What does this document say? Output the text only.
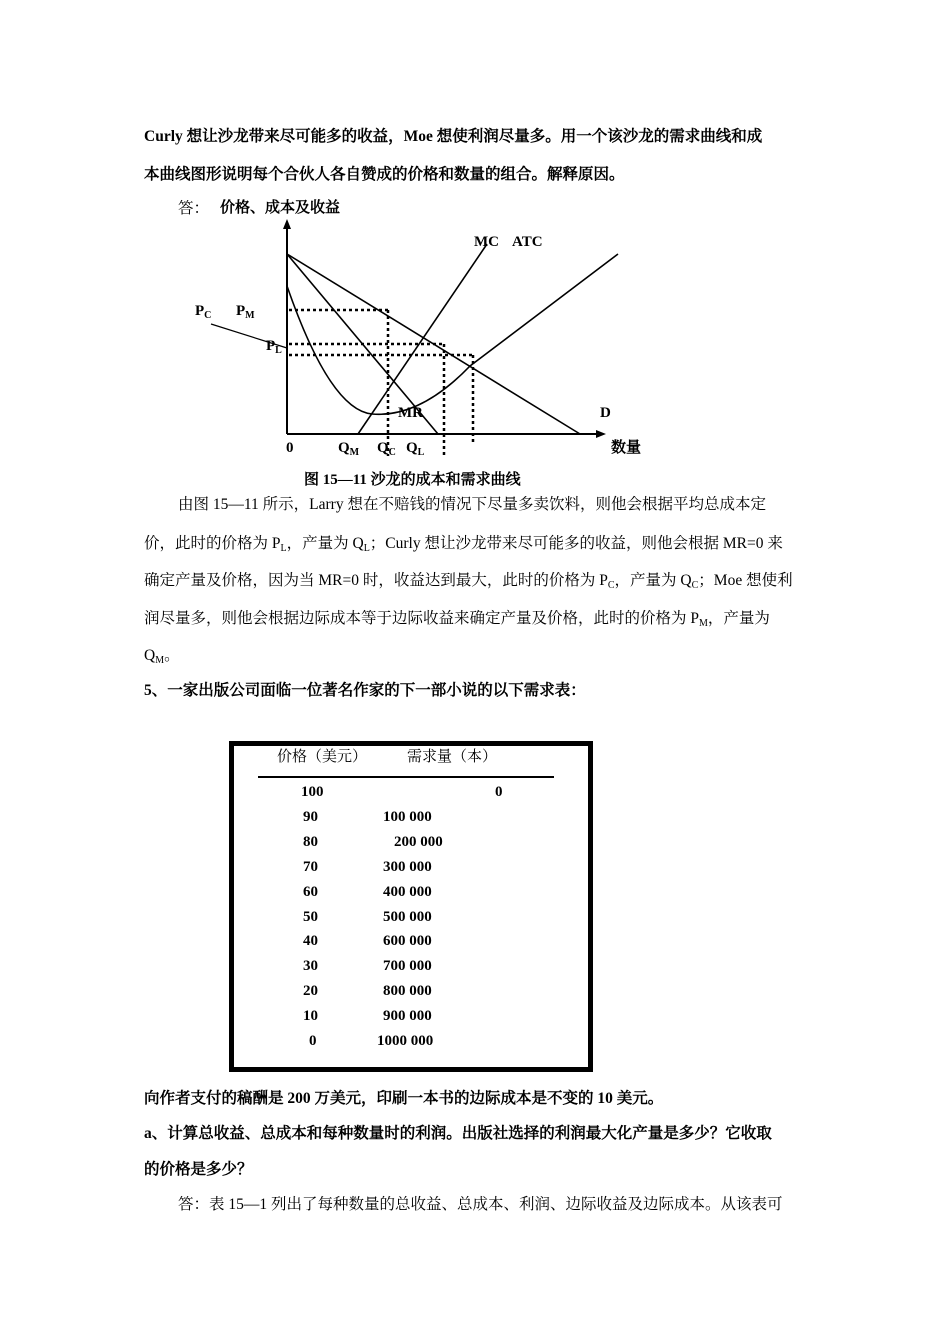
Curly 想让沙龙带来尽可能多的收益，Moe 想使利润尽量多。用一个该沙龙的需求曲线和成
本曲线图形说明每个合伙人各自赞成的价格和数量的组合。解释原因。
答： 价格、成本及收益
MC ATC
MR	D
$P_C$ $P_M$
$P_L$
0	$Q_M$ $Q_C$ $Q_L$	数量
图 15—11 沙龙的成本和需求曲线
由图 15—11 所示，Larry 想在不赔钱的情况下尽量多卖饮料，则他会根据平均总成本定
价，此时的价格为 $P_L$，产量为 $Q_L$；Curly 想让沙龙带来尽可能多的收益，则他会根据 MR=0 来
确定产量及价格，因为当 MR=0 时，收益达到最大，此时的价格为 $P_C$，产量为 $Q_C$；Moe 想使利
润尽量多，则他会根据边际成本等于边际收益来确定产量及价格，此时的价格为 $P_M$，产量为
$Q_M$。
5、一家出版公司面临一位著名作家的下一部小说的以下需求表：
价格（美元）	需求量（本）
100	0
90	100 000
80	200 000
70	300 000
60	400 000
50	500 000
40	600 000
30	700 000
20	800 000
10	900 000
0	1000 000
向作者支付的稿酬是 200 万美元，印刷一本书的边际成本是不变的 10 美元。
a、计算总收益、总成本和每种数量时的利润。出版社选择的利润最大化产量是多少？它收取
的价格是多少？
答：表 15—1 列出了每种数量的总收益、总成本、利润、边际收益及边际成本。从该表可
